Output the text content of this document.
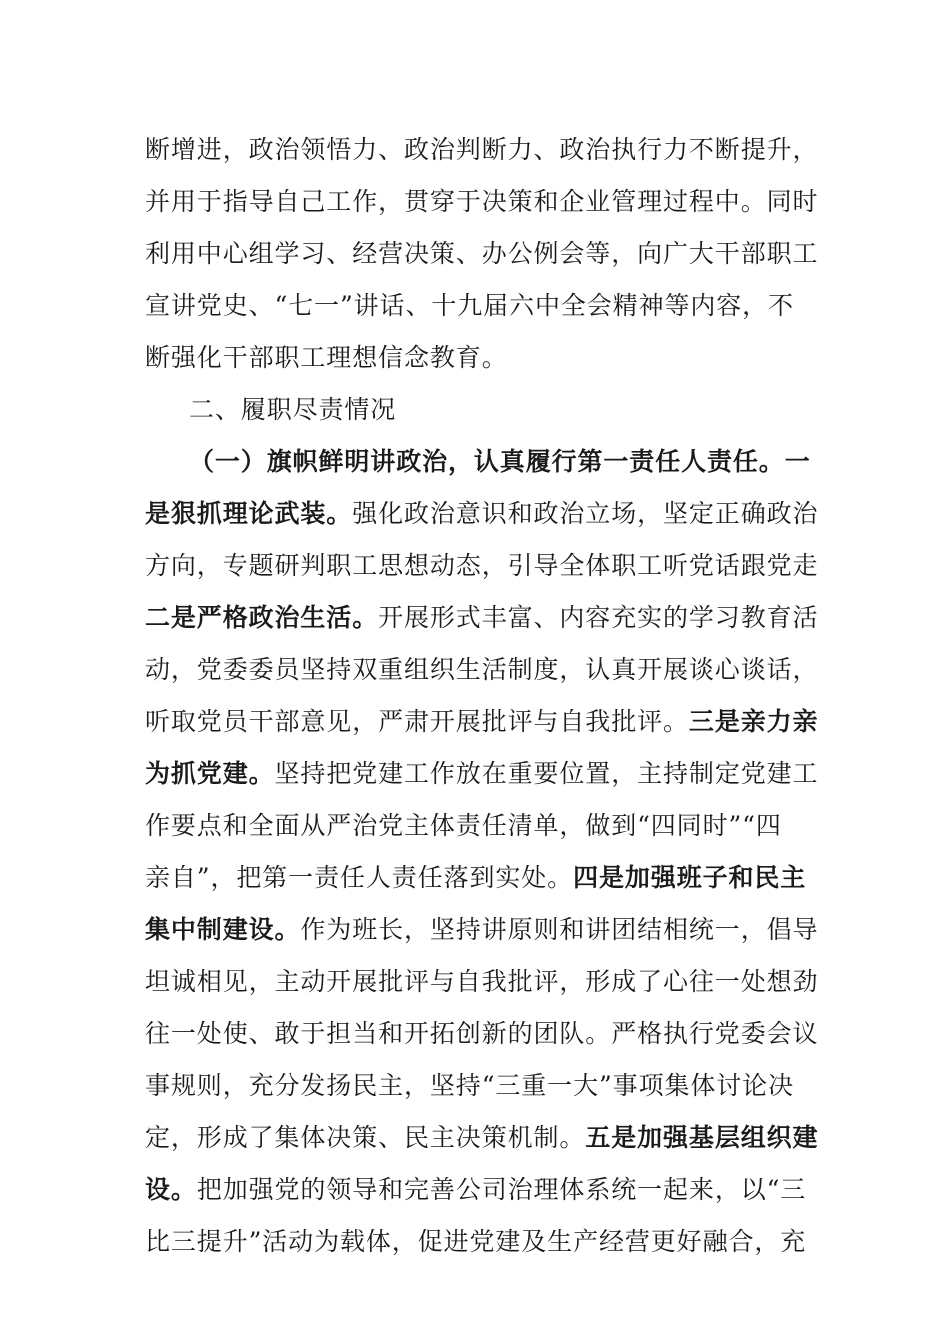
断增进，政治领悟力、政治判断力、政治执行力不断提升，
并用于指导自己工作，贯穿于决策和企业管理过程中。同时
利用中心组学习、经营决策、办公例会等，向广大干部职工
宣讲党史、“七一”讲话、十九届六中全会精神等内容，不
断强化干部职工理想信念教育。
二、履职尽责情况
（一）旗帜鲜明讲政治，认真履行第一责任人责任。一
是狠抓理论武装。强化政治意识和政治立场，坚定正确政治
方向，专题研判职工思想动态，引导全体职工听党话跟党走
二是严格政治生活。开展形式丰富、内容充实的学习教育活
动，党委委员坚持双重组织生活制度，认真开展谈心谈话，
听取党员干部意见，严肃开展批评与自我批评。三是亲力亲
为抓党建。坚持把党建工作放在重要位置，主持制定党建工
作要点和全面从严治党主体责任清单，做到“四同时”“四
亲自”，把第一责任人责任落到实处。四是加强班子和民主
集中制建设。作为班长，坚持讲原则和讲团结相统一，倡导
坦诚相见，主动开展批评与自我批评，形成了心往一处想劲
往一处使、敢于担当和开拓创新的团队。严格执行党委会议
事规则，充分发扬民主，坚持“三重一大”事项集体讨论决
定，形成了集体决策、民主决策机制。五是加强基层组织建
设。把加强党的领导和完善公司治理体系统一起来，以“三
比三提升”活动为载体，促进党建及生产经营更好融合，充
